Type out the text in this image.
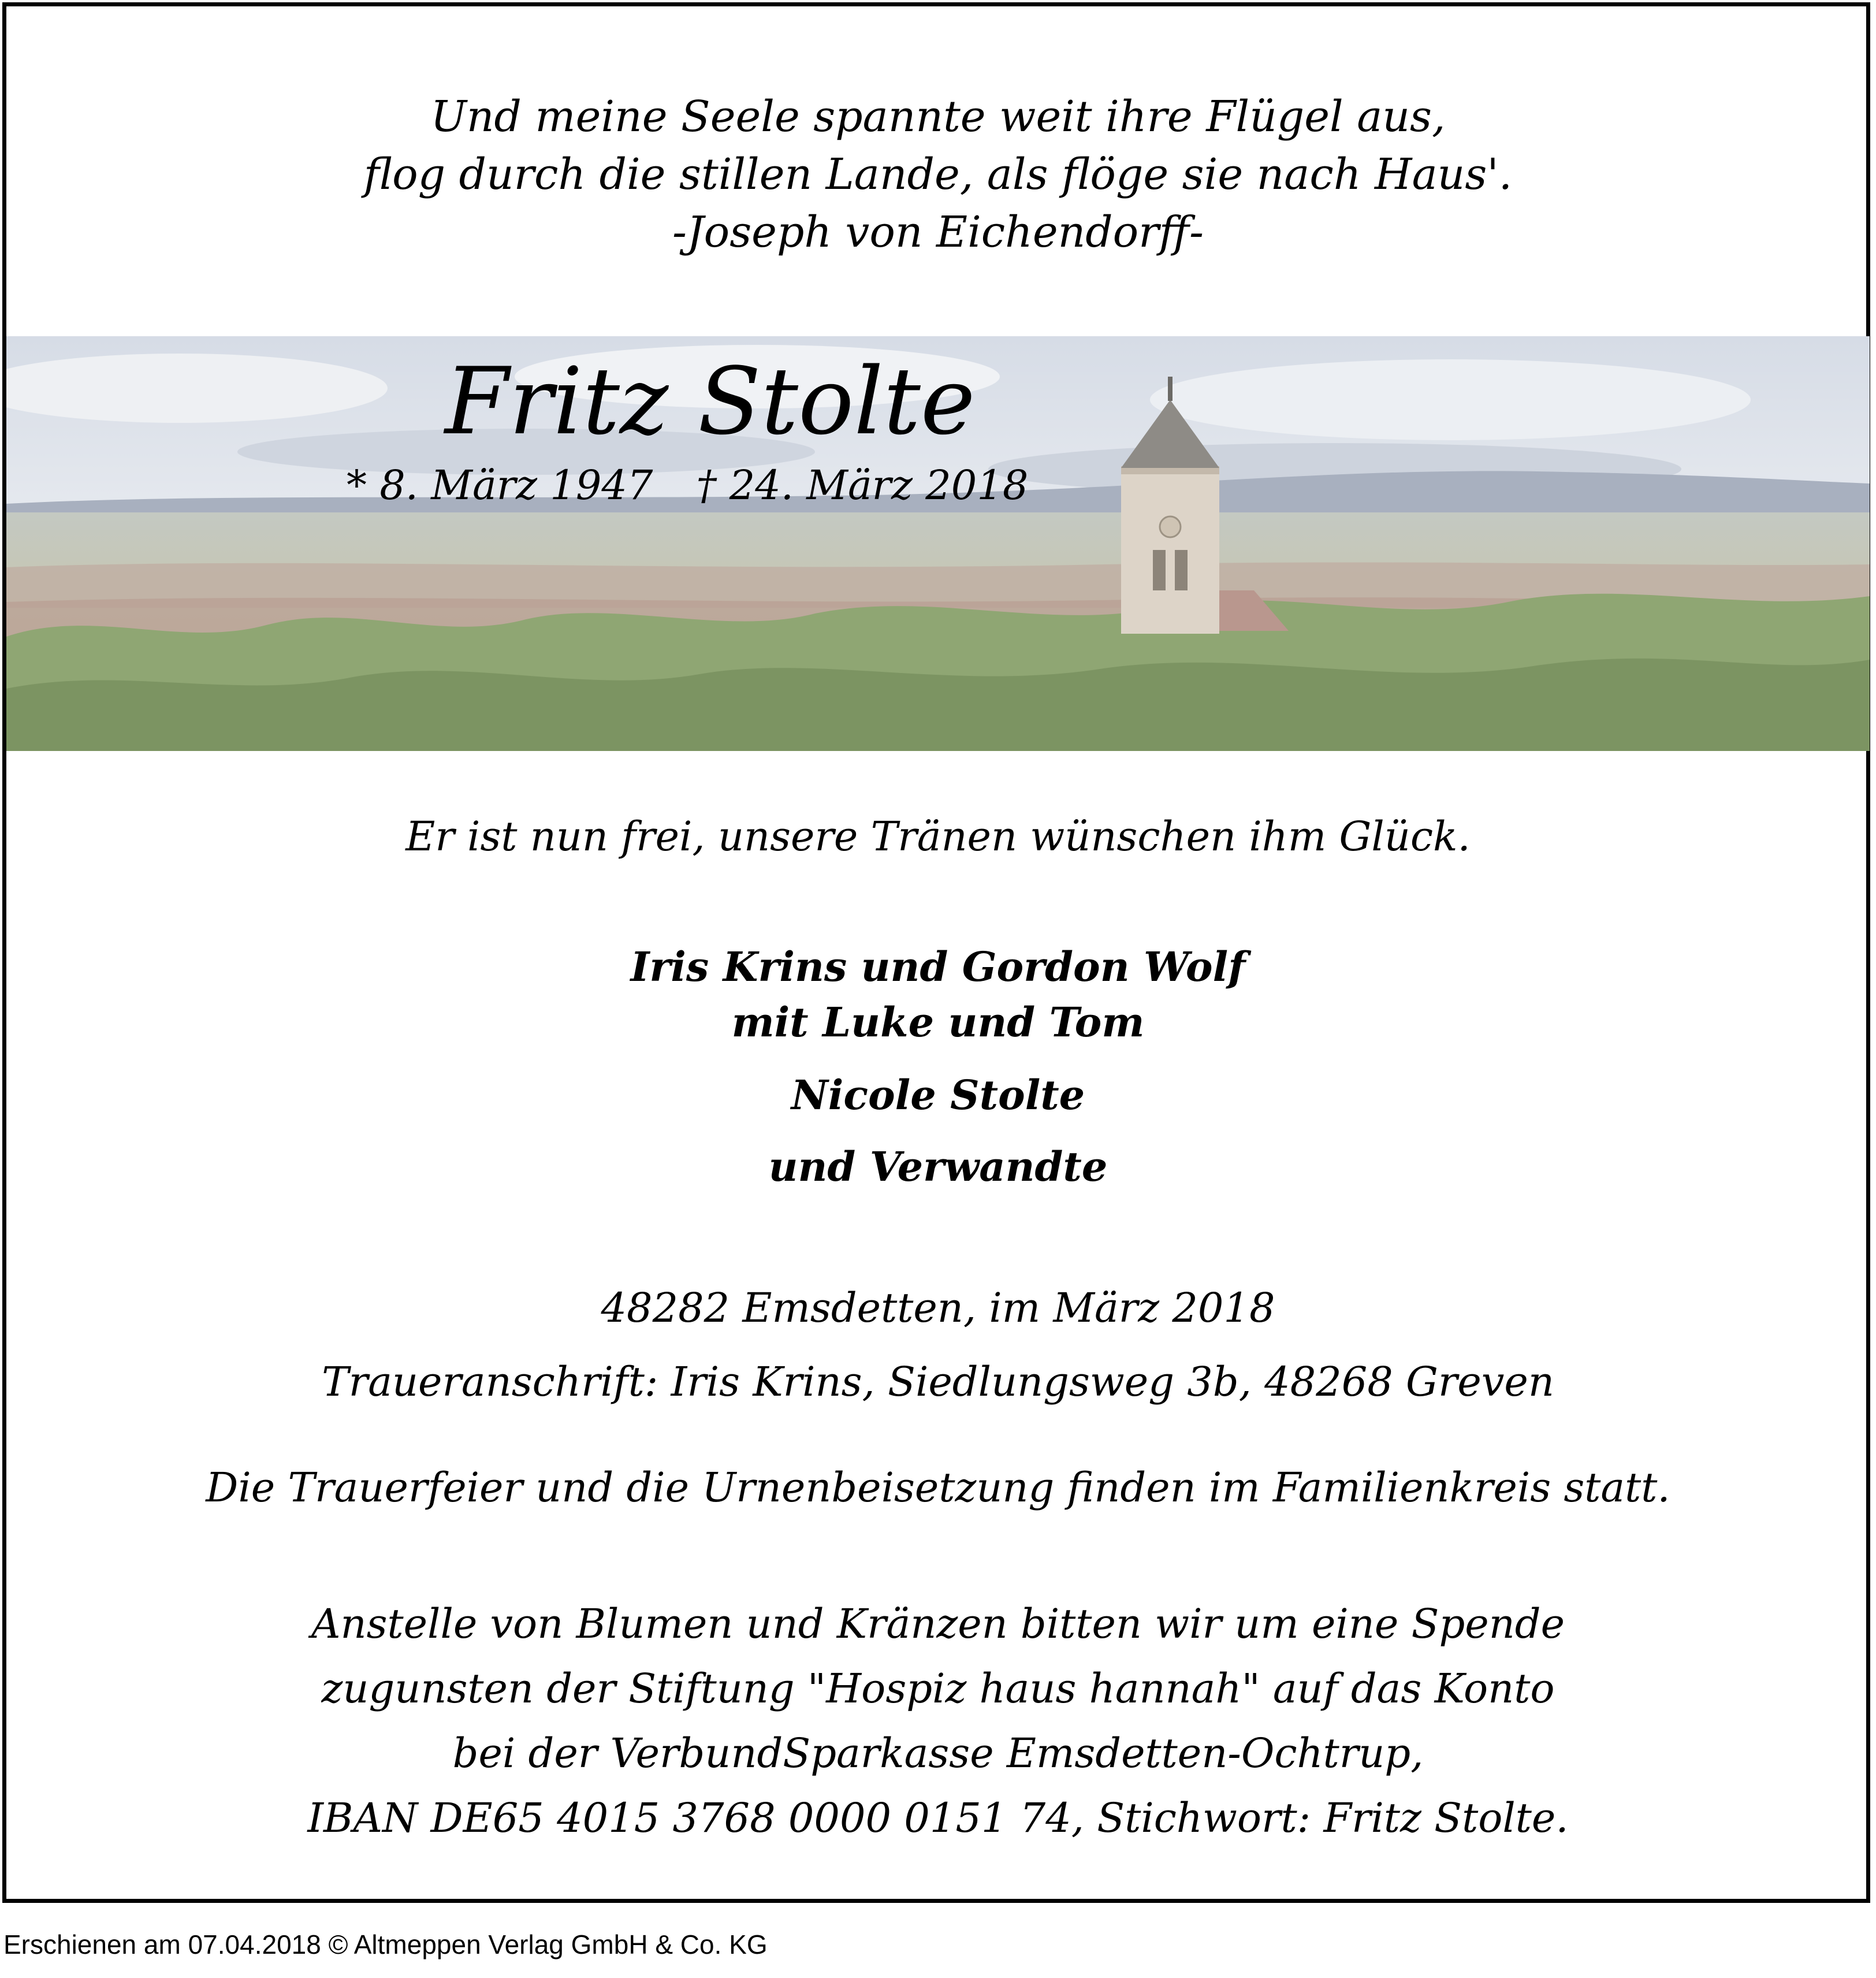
Und meine Seele spannte weit ihre Flügel aus,
flog durch die stillen Lande, als flöge sie nach Haus'.
-Joseph von Eichendorff-
Fritz Stolte
* 8. März 1947 † 24. März 2018
Er ist nun frei, unsere Tränen wünschen ihm Glück.
Iris Krins und Gordon Wolf
mit Luke und Tom
Nicole Stolte
und Verwandte
48282 Emsdetten, im März 2018
Traueranschrift: Iris Krins, Siedlungsweg 3b, 48268 Greven
Die Trauerfeier und die Urnenbeisetzung finden im Familienkreis statt.
Anstelle von Blumen und Kränzen bitten wir um eine Spende
zugunsten der Stiftung "Hospiz haus hannah" auf das Konto
bei der VerbundSparkasse Emsdetten-Ochtrup,
IBAN DE65 4015 3768 0000 0151 74, Stichwort: Fritz Stolte.
Erschienen am 07.04.2018 © Altmeppen Verlag GmbH & Co. KG
